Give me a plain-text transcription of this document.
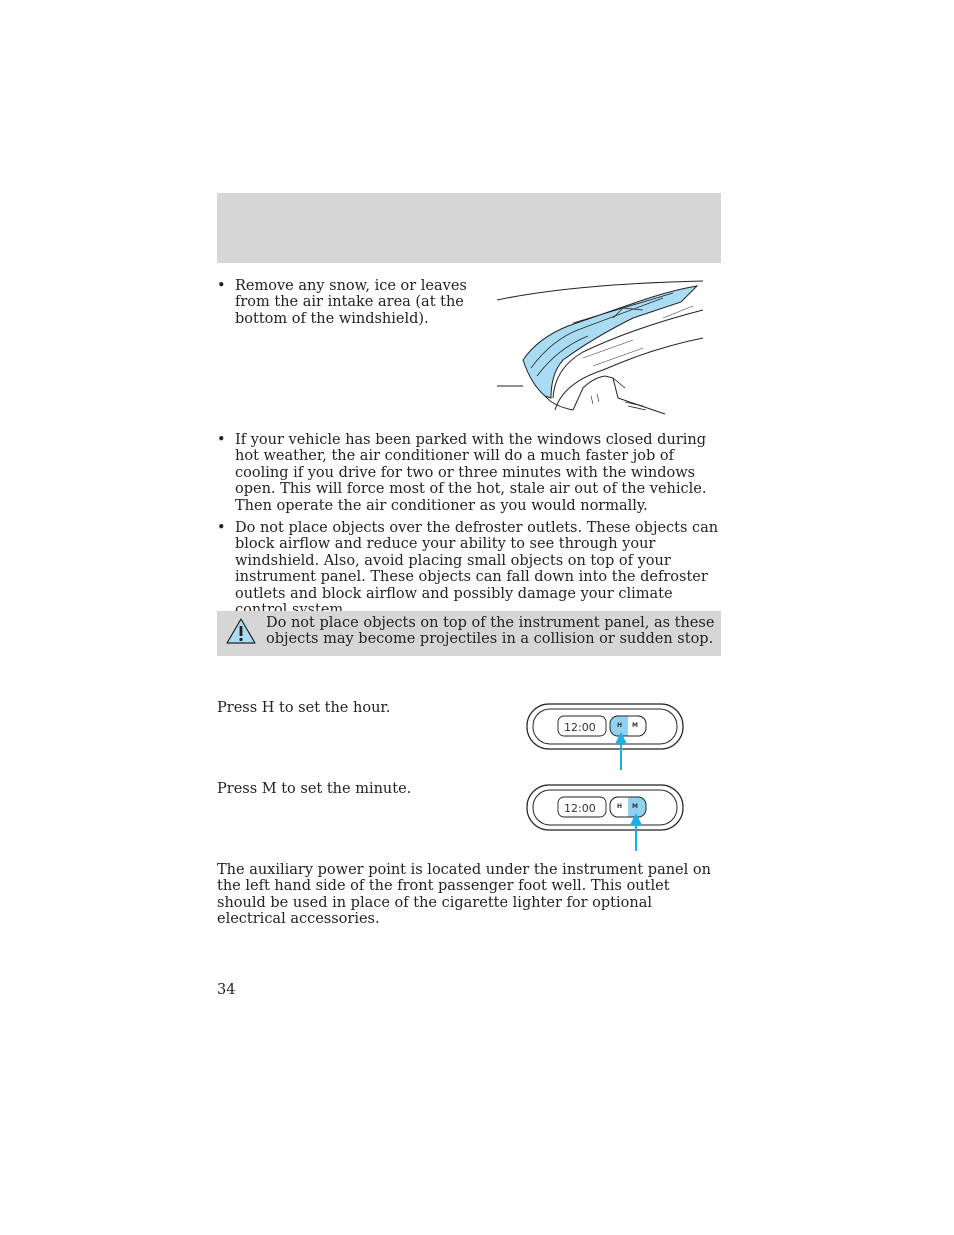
• Remove any snow, ice or leaves from the air intake area (at the bottom of the windshield).
• If your vehicle has been parked with the windows closed during hot weather, the air conditioner will do a much faster job of cooling if you drive for two or three minutes with the windows open. This will force most of the hot, stale air out of the vehicle. Then operate the air conditioner as you would normally.
• Do not place objects over the defroster outlets. These objects can block airflow and reduce your ability to see through your windshield. Also, avoid placing small objects on top of your instrument panel. These objects can fall down into the defroster outlets and block airflow and possibly damage your climate
Do not place objects on top of the instrument panel, as these objects may become projectiles in a collision or sudden stop.
Press H to set the hour.
12:00	H M
Press M to set the minute.
12:00	H M
The auxiliary power point is located under the instrument panel on the left hand side of the front passenger foot well. This outlet should be used in place of the cigarette lighter for optional electrical accessories.
34
